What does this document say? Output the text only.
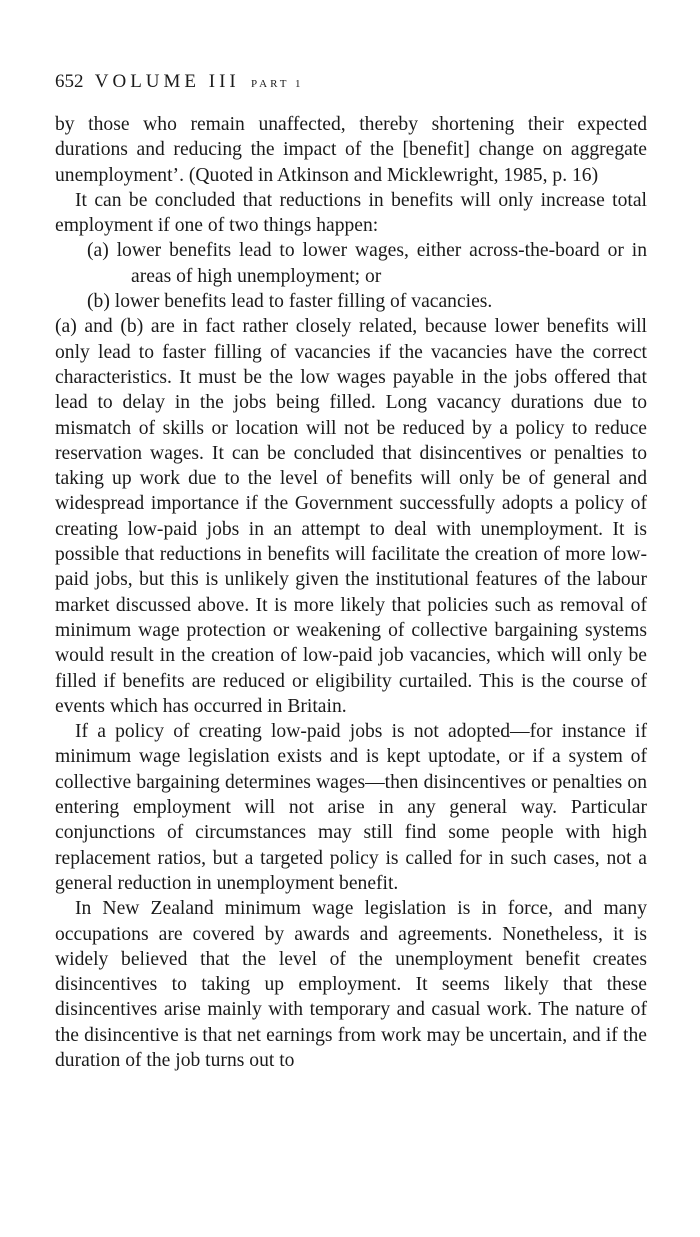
652 VOLUME III PART 1

by those who remain unaffected, thereby shortening their expected durations and reducing the impact of the [benefit] change on aggregate unemployment’. (Quoted in Atkinson and Micklewright, 1985, p. 16)

It can be concluded that reductions in benefits will only increase total employment if one of two things happen:

(a) lower benefits lead to lower wages, either across-the-board or in areas of high unemployment; or
(b) lower benefits lead to faster filling of vacancies.

(a) and (b) are in fact rather closely related, because lower benefits will only lead to faster filling of vacancies if the vacancies have the correct characteristics. It must be the low wages payable in the jobs offered that lead to delay in the jobs being filled. Long vacancy durations due to mismatch of skills or location will not be reduced by a policy to reduce reservation wages. It can be concluded that disincentives or penalties to taking up work due to the level of benefits will only be of general and widespread importance if the Government successfully adopts a policy of creating low-paid jobs in an attempt to deal with unemployment. It is possible that reductions in benefits will facilitate the creation of more low-paid jobs, but this is unlikely given the institutional features of the labour market discussed above. It is more likely that policies such as removal of minimum wage protection or weakening of collective bargaining systems would result in the creation of low-paid job vacancies, which will only be filled if benefits are reduced or eligibility curtailed. This is the course of events which has occurred in Britain.

If a policy of creating low-paid jobs is not adopted—for instance if minimum wage legislation exists and is kept uptodate, or if a system of collective bargaining determines wages—then disincentives or penalties on entering employment will not arise in any general way. Particular conjunctions of circumstances may still find some people with high replacement ratios, but a targeted policy is called for in such cases, not a general reduction in unemployment benefit.

In New Zealand minimum wage legislation is in force, and many occupations are covered by awards and agreements. Nonetheless, it is widely believed that the level of the unemployment benefit creates disincentives to taking up employment. It seems likely that these disincentives arise mainly with temporary and casual work. The nature of the disincentive is that net earnings from work may be uncertain, and if the duration of the job turns out to
